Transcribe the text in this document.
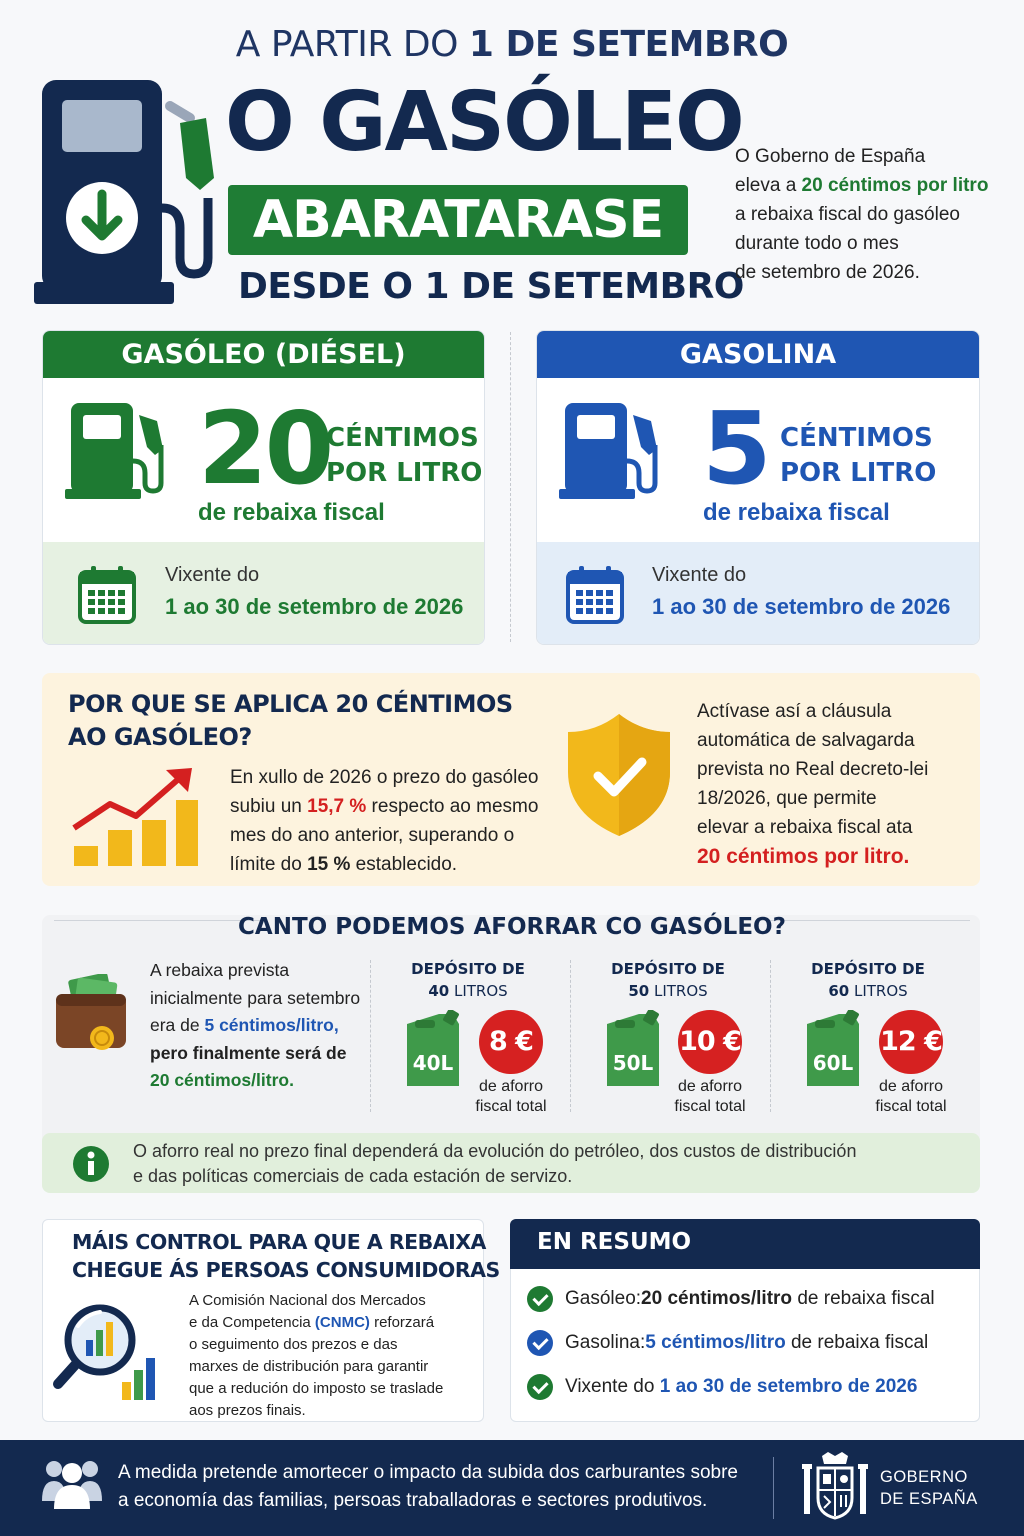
A PARTIR DO 1 DE SETEMBRO
O GASÓLEO
ABARATARASE
DESDE O 1 DE SETEMBRO
O Goberno de España
eleva a 20 céntimos por litro
a rebaixa fiscal do gasóleo
durante todo o mes
de setembro de 2026.
GASÓLEO (DIÉSEL)
20
CÉNTIMOS
POR LITRO
de rebaixa fiscal
Vixente do
1 ao 30 de setembro de 2026
GASOLINA
5 CÉNTIMOS
POR LITRO
de rebaixa fiscal
Vixente do
1 ao 30 de setembro de 2026
POR QUE SE APLICA 20 CÉNTIMOS
AO GASÓLEO?
En xullo de 2026 o prezo do gasóleo
subiu un 15,7 % respecto ao mesmo
mes do ano anterior, superando o
límite do 15 % establecido.
Actívase así a cláusula
automática de salvagarda
prevista no Real decreto-lei
18/2026, que permite
elevar a rebaixa fiscal ata
20 céntimos por litro.
CANTO PODEMOS AFORRAR CO GASÓLEO?
A rebaixa prevista
inicialmente para setembro
era de 5 céntimos/litro,
pero finalmente será de
20 céntimos/litro.
DEPÓSITO DE
40 LITROS
40L
8 €
de aforro
fiscal total
DEPÓSITO DE
50 LITROS
50L
10 €
de aforro
fiscal total
DEPÓSITO DE
60 LITROS
60L
12 €
de aforro
fiscal total
O aforro real no prezo final dependerá da evolución do petróleo, dos custos de distribución
e das políticas comerciais de cada estación de servizo.
MÁIS CONTROL PARA QUE A REBAIXA
CHEGUE ÁS PERSOAS CONSUMIDORAS
A Comisión Nacional dos Mercados
e da Competencia (CNMC) reforzará
o seguimento dos prezos e das
marxes de distribución para garantir
que a redución do imposto se traslade
aos prezos finais.
EN RESUMO
Gasóleo: 20 céntimos/litro de rebaixa fiscal
Gasolina: 5 céntimos/litro de rebaixa fiscal
Vixente do 1 ao 30 de setembro de 2026
A medida pretende amortecer o impacto da subida dos carburantes sobre
a economía das familias, persoas traballadoras e sectores produtivos.
GOBERNO
DE ESPAÑA
